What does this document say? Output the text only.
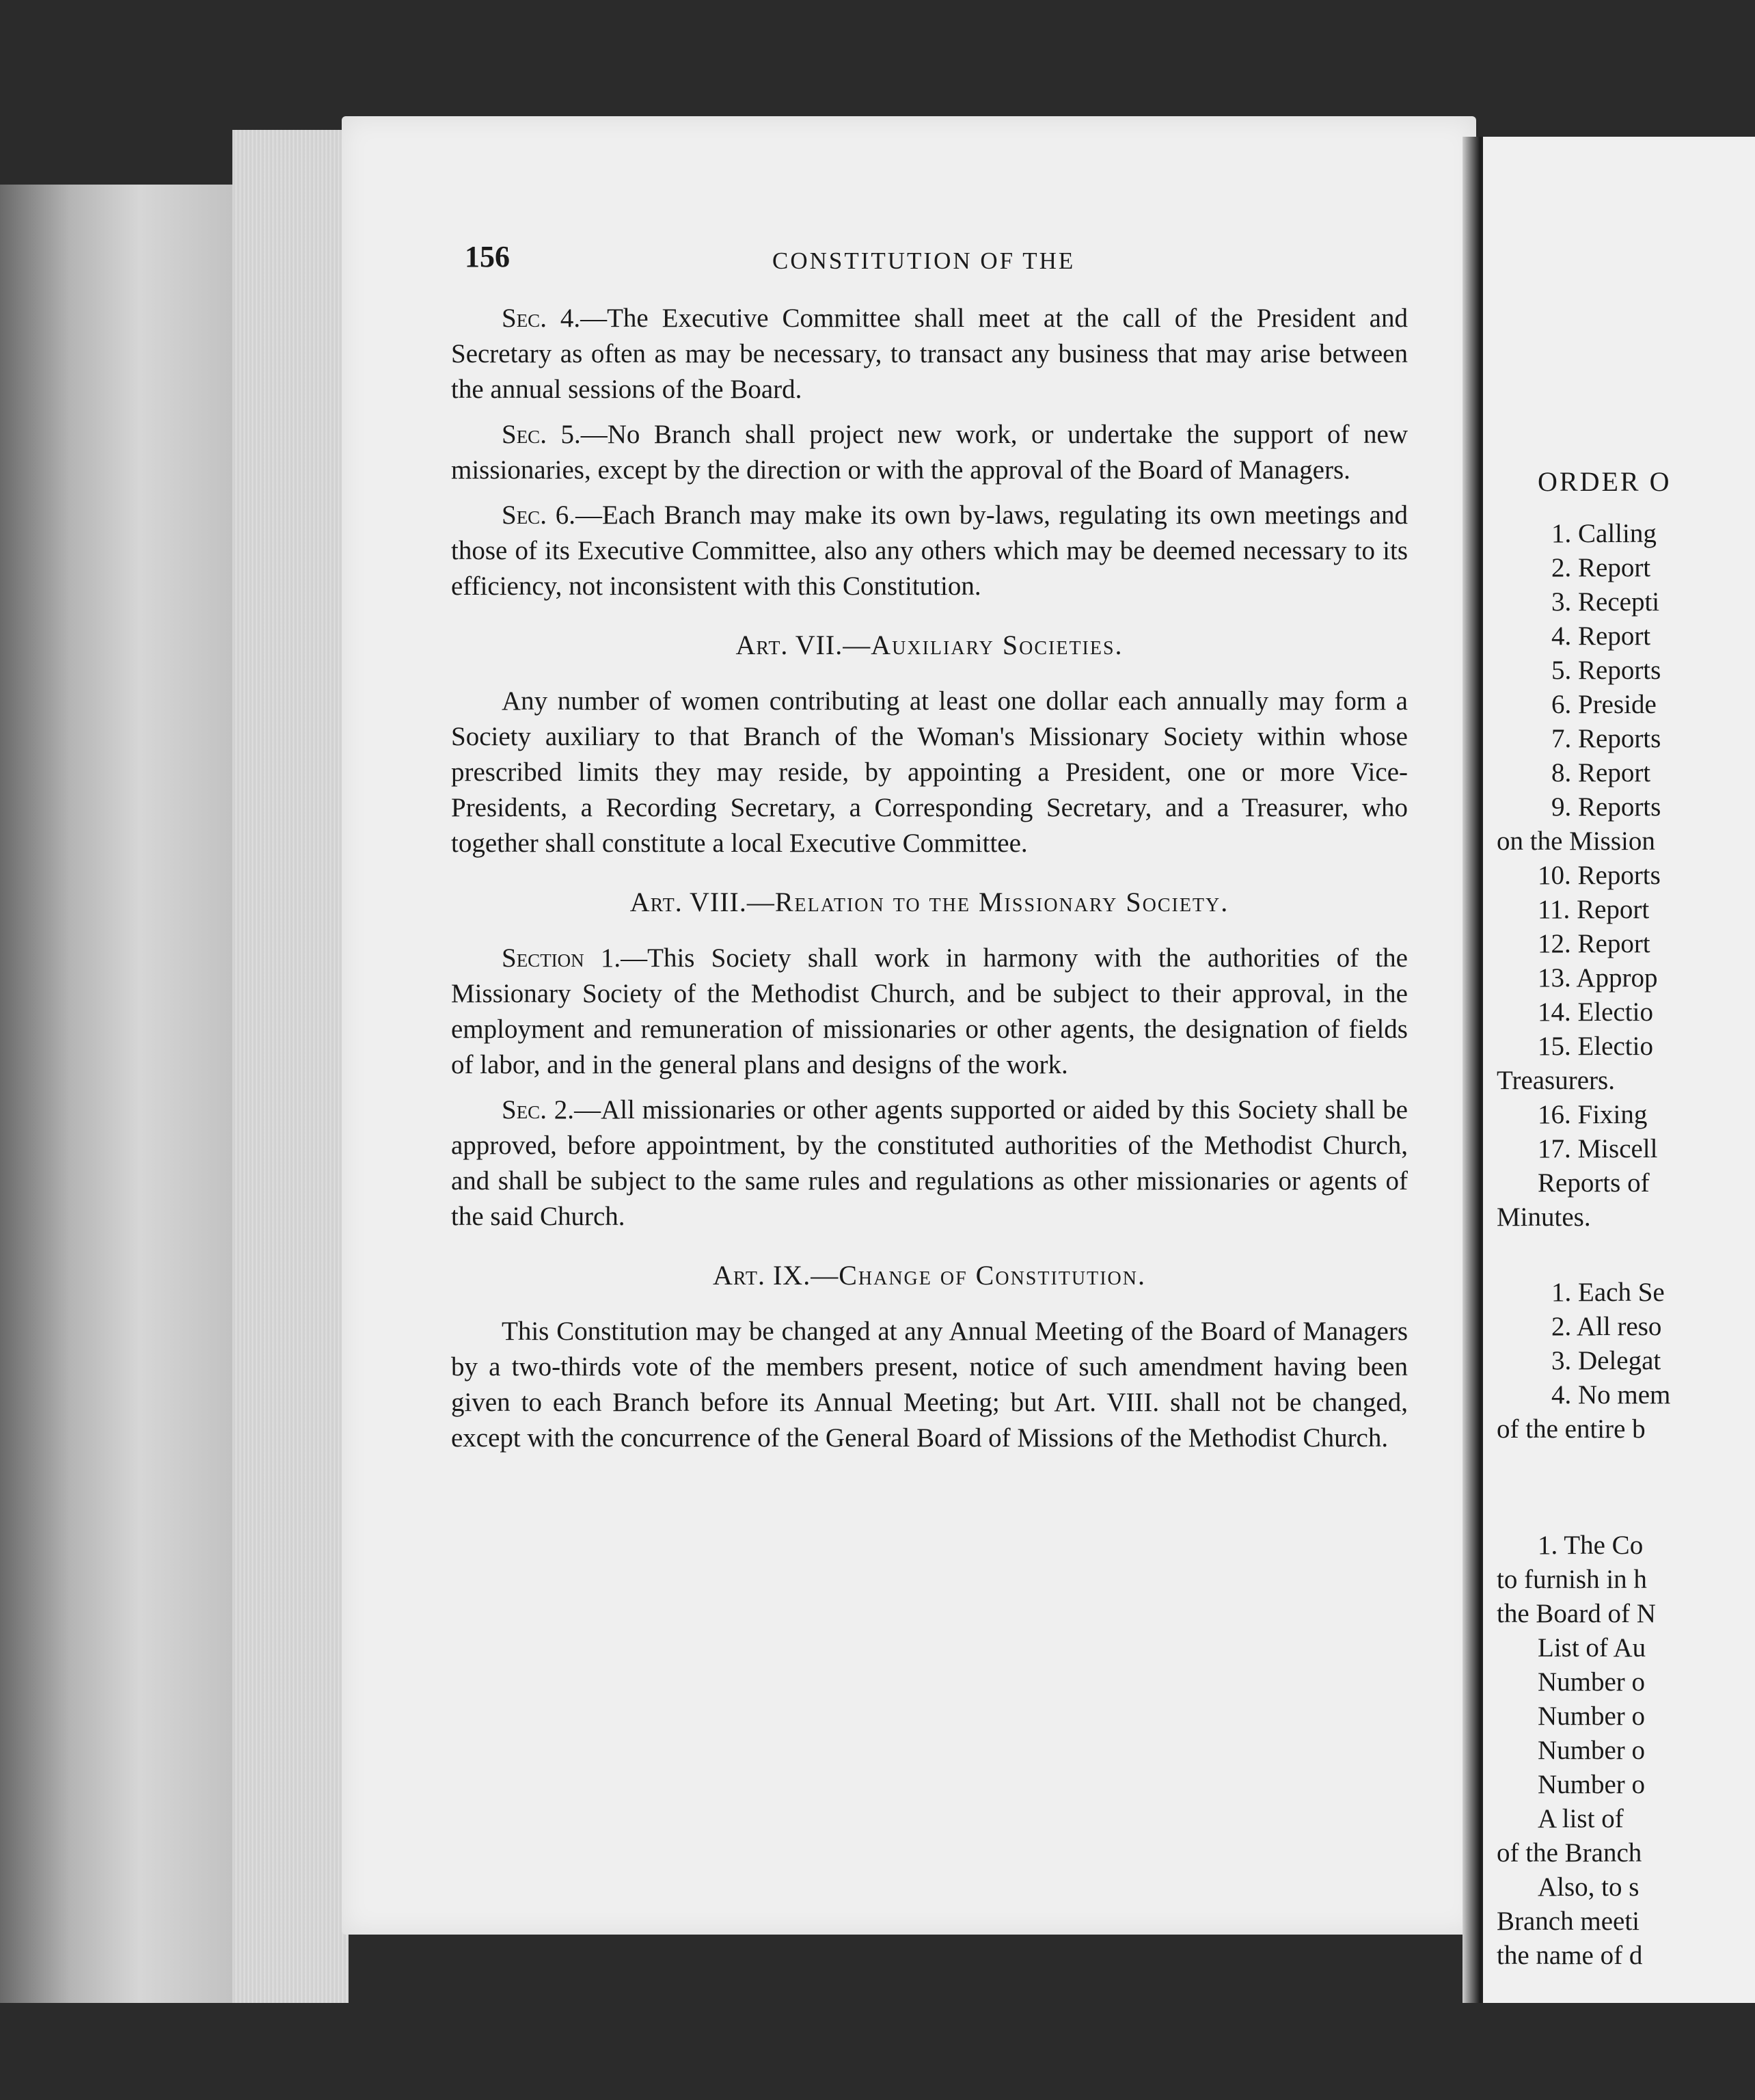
156	CONSTITUTION OF THE

Sec. 4.—The Executive Committee shall meet at the call of the President and Secretary as often as may be necessary, to transact any business that may arise between the annual sessions of the Board.

Sec. 5.—No Branch shall project new work, or undertake the support of new missionaries, except by the direction or with the approval of the Board of Managers.

Sec. 6.—Each Branch may make its own by-laws, regulating its own meetings and those of its Executive Committee, also any others which may be deemed necessary to its efficiency, not inconsistent with this Constitution.

Art. VII.—Auxiliary Societies.

Any number of women contributing at least one dollar each annually may form a Society auxiliary to that Branch of the Woman's Missionary Society within whose prescribed limits they may reside, by appointing a President, one or more Vice-Presidents, a Recording Secretary, a Corresponding Secretary, and a Treasurer, who together shall constitute a local Executive Committee.

Art. VIII.—Relation to the Missionary Society.

Section 1.—This Society shall work in harmony with the authorities of the Missionary Society of the Methodist Church, and be subject to their approval, in the employment and remuneration of missionaries or other agents, the designation of fields of labor, and in the general plans and designs of the work.

Sec. 2.—All missionaries or other agents supported or aided by this Society shall be approved, before appointment, by the constituted authorities of the Methodist Church, and shall be subject to the same rules and regulations as other missionaries or agents of the said Church.

Art. IX.—Change of Constitution.

This Constitution may be changed at any Annual Meeting of the Board of Managers by a two-thirds vote of the members present, notice of such amendment having been given to each Branch before its Annual Meeting; but Art. VIII. shall not be changed, except with the concurrence of the General Board of Missions of the Methodist Church.

ORDER O
1. Calling
2. Report
3. Recepti
4. Report
5. Reports
6. Preside
7. Reports
8. Report
9. Reports
on the Mission
10. Reports
11. Report
12. Report
13. Approp
14. Electio
15. Electio
Treasurers.
16. Fixing
17. Miscell
Reports of
Minutes.
1. Each Se
2. All reso
3. Delegat
4. No mem
of the entire b
1. The Co
to furnish in h
the Board of N
List of Au
Number o
Number o
Number o
Number o
A list of
of the Branch
Also, to s
Branch meeti
the name of d
